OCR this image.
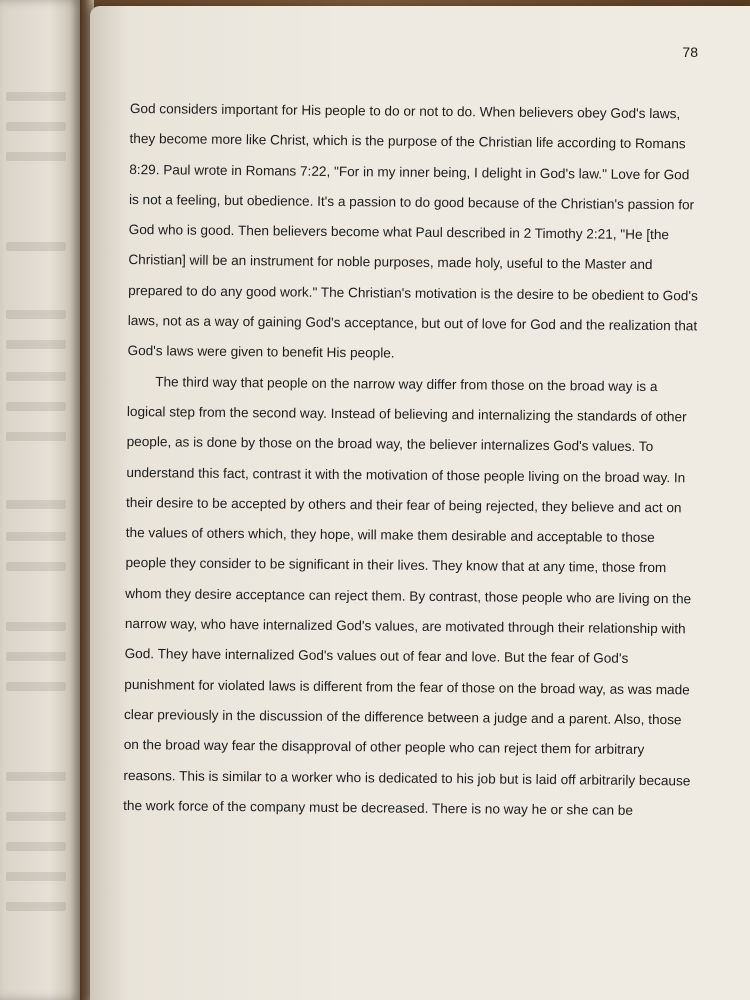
78

God considers important for His people to do or not to do. When believers obey God's laws, they become more like Christ, which is the purpose of the Christian life according to Romans 8:29. Paul wrote in Romans 7:22, "For in my inner being, I delight in God's law." Love for God is not a feeling, but obedience. It's a passion to do good because of the Christian's passion for God who is good. Then believers become what Paul described in 2 Timothy 2:21, "He [the Christian] will be an instrument for noble purposes, made holy, useful to the Master and prepared to do any good work." The Christian's motivation is the desire to be obedient to God's laws, not as a way of gaining God's acceptance, but out of love for God and the realization that God's laws were given to benefit His people.

The third way that people on the narrow way differ from those on the broad way is a logical step from the second way. Instead of believing and internalizing the standards of other people, as is done by those on the broad way, the believer internalizes God's values. To understand this fact, contrast it with the motivation of those people living on the broad way. In their desire to be accepted by others and their fear of being rejected, they believe and act on the values of others which, they hope, will make them desirable and acceptable to those people they consider to be significant in their lives. They know that at any time, those from whom they desire acceptance can reject them. By contrast, those people who are living on the narrow way, who have internalized God's values, are motivated through their relationship with God. They have internalized God's values out of fear and love. But the fear of God's punishment for violated laws is different from the fear of those on the broad way, as was made clear previously in the discussion of the difference between a judge and a parent. Also, those on the broad way fear the disapproval of other people who can reject them for arbitrary reasons. This is similar to a worker who is dedicated to his job but is laid off arbitrarily because the work force of the company must be decreased. There is no way he or she can be
